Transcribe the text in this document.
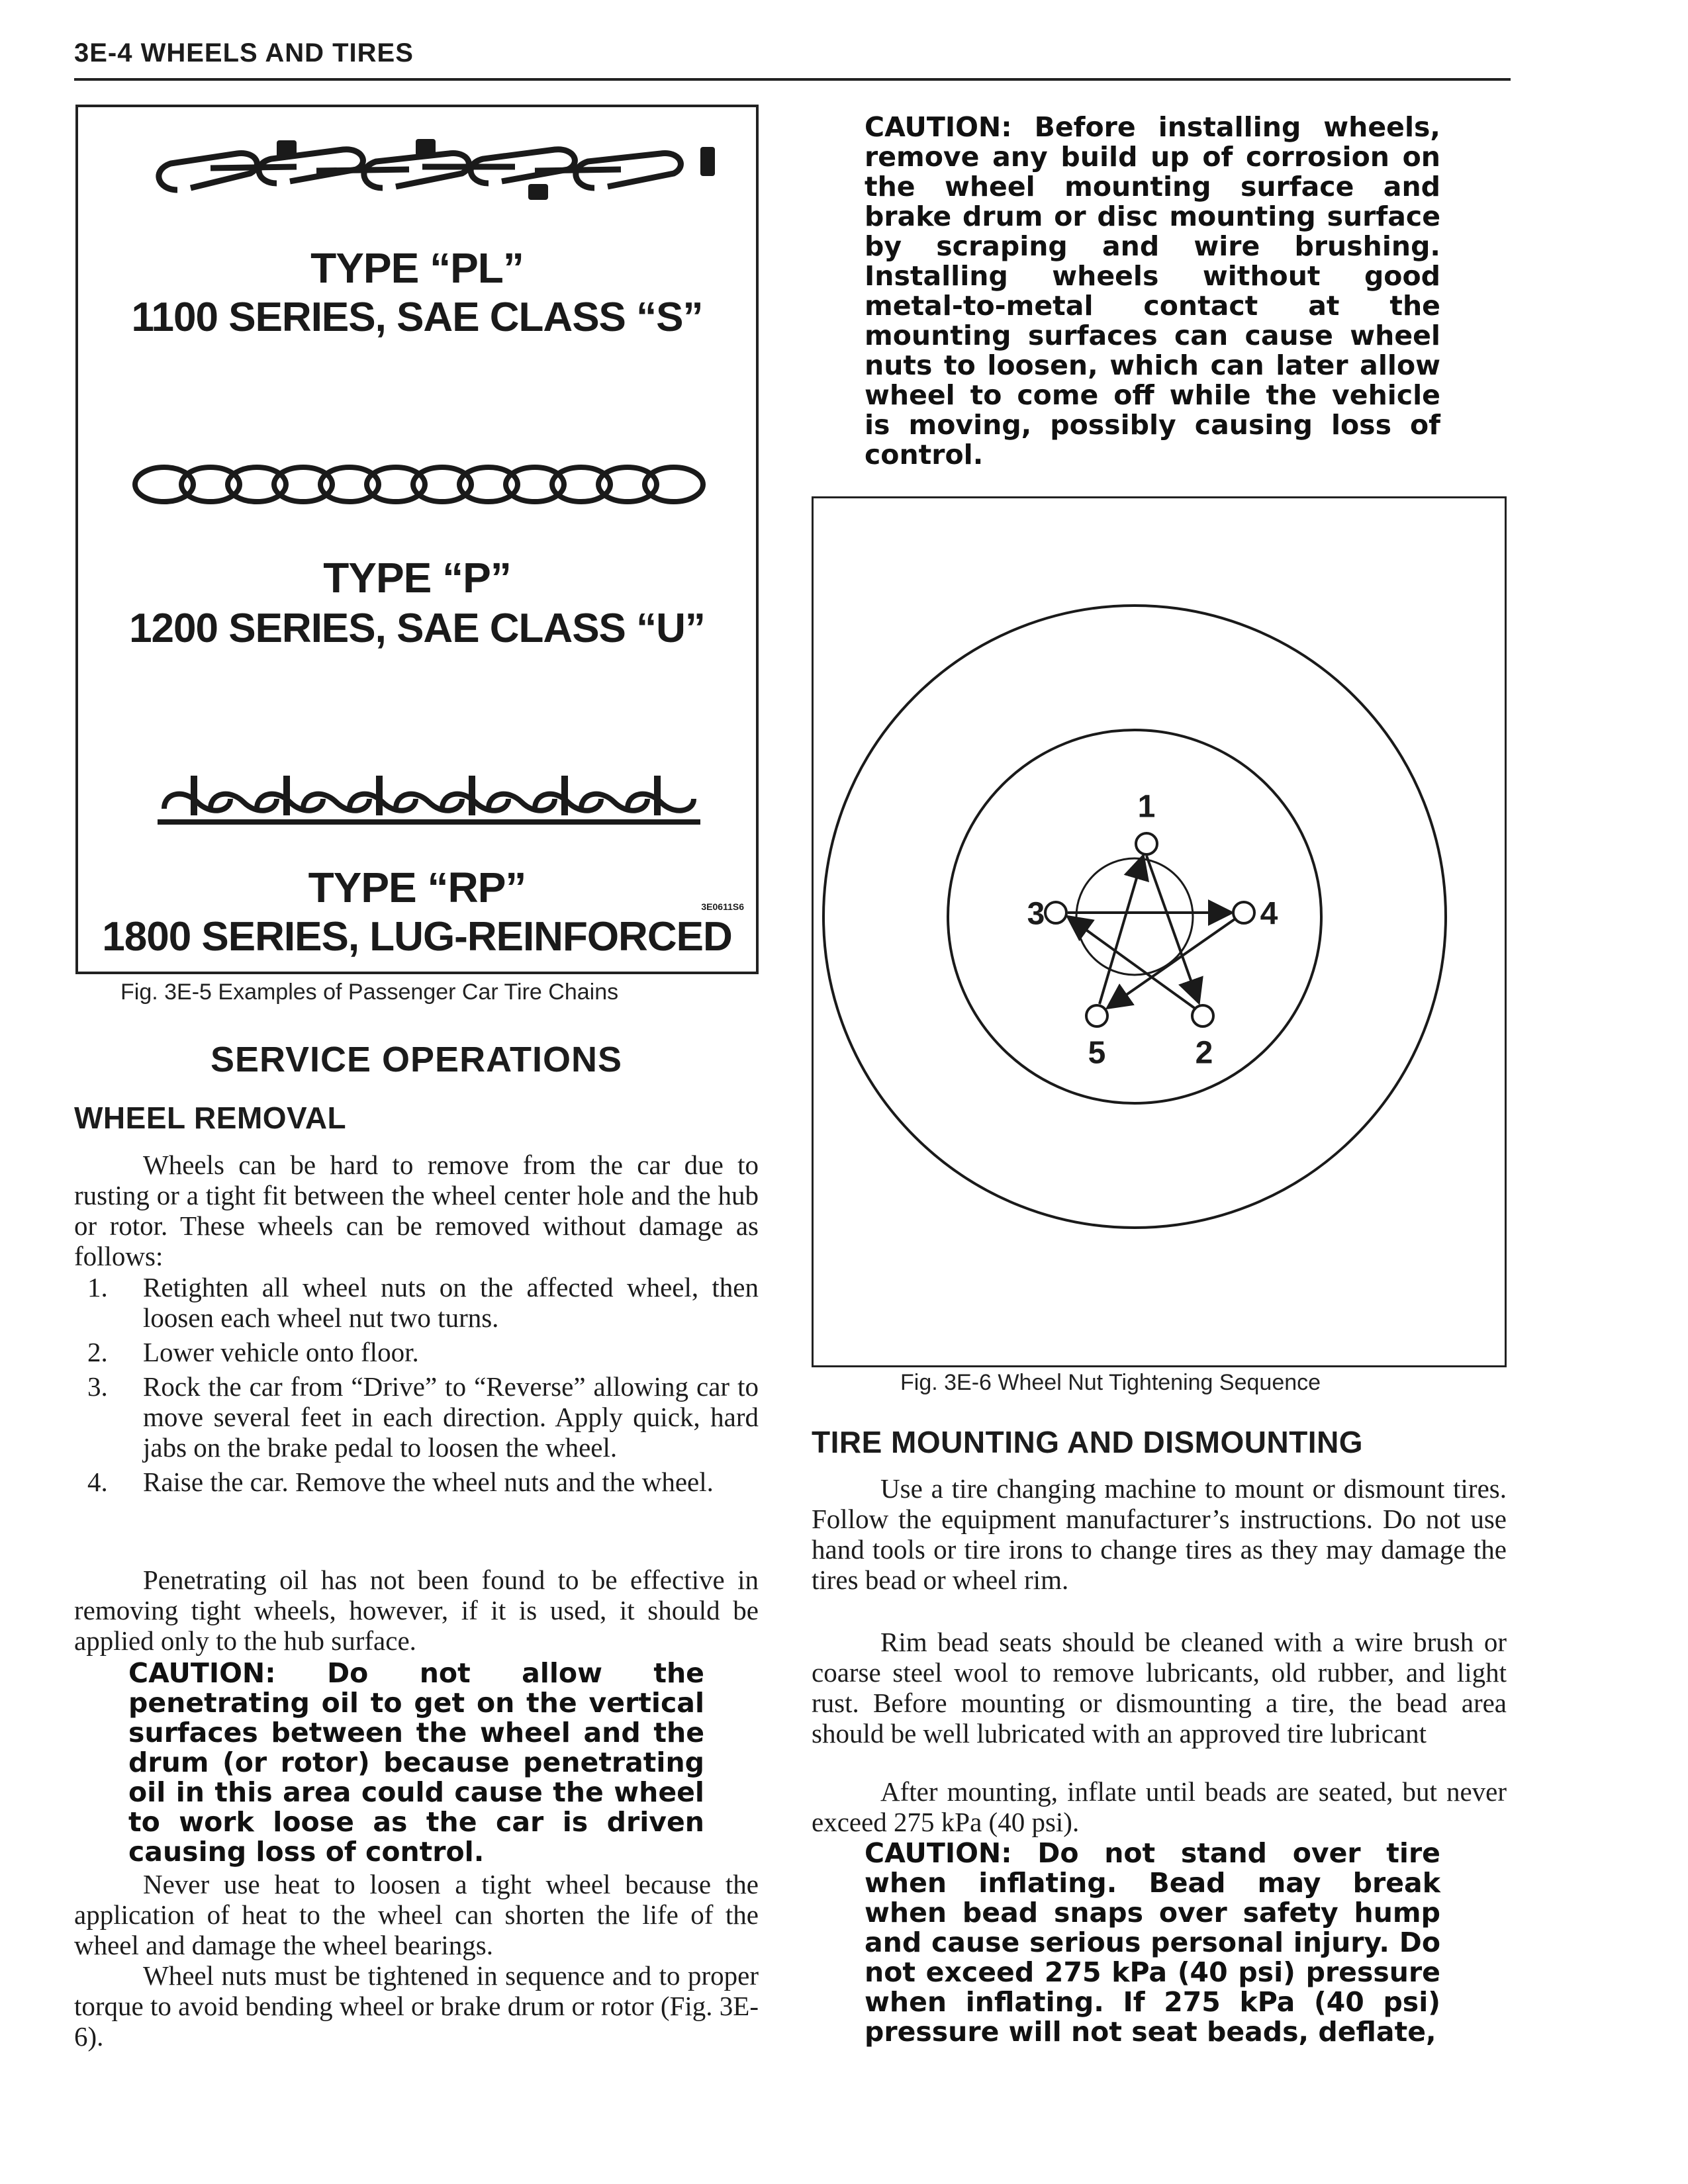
3E-4 WHEELS AND TIRES
TYPE “PL”
1100 SERIES, SAE CLASS “S”
TYPE “P”
1200 SERIES, SAE CLASS “U”
TYPE “RP”
1800 SERIES, LUG-REINFORCED
3E0611S6
Fig. 3E-5 Examples of Passenger Car Tire Chains
SERVICE OPERATIONS
WHEEL REMOVAL

Wheels can be hard to remove from the car due to rusting or a tight fit between the wheel center hole and the hub or rotor. These wheels can be removed without damage as follows:

1. Retighten all wheel nuts on the affected wheel, then loosen each wheel nut two turns.
2. Lower vehicle onto floor.
3. Rock the car from “Drive” to “Reverse” allowing car to move several feet in each direction. Apply quick, hard jabs on the brake pedal to loosen the wheel.
4. Raise the car. Remove the wheel nuts and the wheel.

Penetrating oil has not been found to be effective in removing tight wheels, however, if it is used, it should be applied only to the hub surface.

CAUTION: Do not allow the penetrating oil to get on the vertical surfaces between the wheel and the drum (or rotor) because penetrating oil in this area could cause the wheel to work loose as the car is driven causing loss of control.

Never use heat to loosen a tight wheel because the application of heat to the wheel can shorten the life of the wheel and damage the wheel bearings.

Wheel nuts must be tightened in sequence and to proper torque to avoid bending wheel or brake drum or rotor (Fig. 3E-6).

CAUTION: Before installing wheels, remove any build up of corrosion on the wheel mounting surface and brake drum or disc mounting surface by scraping and wire brushing. Installing wheels without good metal-to-metal contact at the mounting surfaces can cause wheel nuts to loosen, which can later allow wheel to come off while the vehicle is moving, possibly causing loss of control.

1
2
3	4
5
Fig. 3E-6 Wheel Nut Tightening Sequence
TIRE MOUNTING AND DISMOUNTING

Use a tire changing machine to mount or dismount tires. Follow the equipment manufacturer’s instructions. Do not use hand tools or tire irons to change tires as they may damage the tires bead or wheel rim.

Rim bead seats should be cleaned with a wire brush or coarse steel wool to remove lubricants, old rubber, and light rust. Before mounting or dismounting a tire, the bead area should be well lubricated with an approved tire lubricant

After mounting, inflate until beads are seated, but never exceed 275 kPa (40 psi).

CAUTION: Do not stand over tire when inflating. Bead may break when bead snaps over safety hump and cause serious personal injury. Do not exceed 275 kPa (40 psi) pressure when inflating. If 275 kPa (40 psi) pressure will not seat beads, deflate,
